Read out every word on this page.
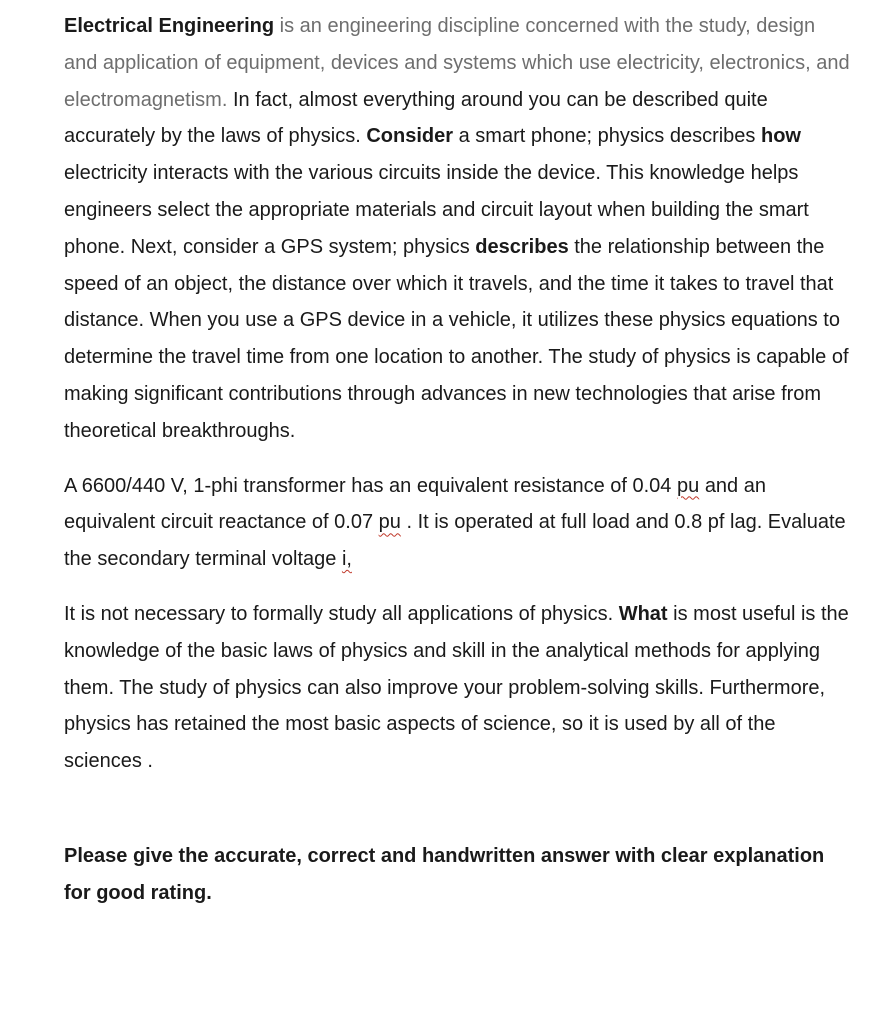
Electrical Engineering is an engineering discipline concerned with the study, design and application of equipment, devices and systems which use electricity, electronics, and electromagnetism. In fact, almost everything around you can be described quite accurately by the laws of physics. Consider a smart phone; physics describes how electricity interacts with the various circuits inside the device. This knowledge helps engineers select the appropriate materials and circuit layout when building the smart phone. Next, consider a GPS system; physics describes the relationship between the speed of an object, the distance over which it travels, and the time it takes to travel that distance. When you use a GPS device in a vehicle, it utilizes these physics equations to determine the travel time from one location to another. The study of physics is capable of making significant contributions through advances in new technologies that arise from theoretical breakthroughs.

A 6600/440 V, 1-phi transformer has an equivalent resistance of 0.04 pu and an equivalent circuit reactance of 0.07 pu . It is operated at full load and 0.8 pf lag. Evaluate the secondary terminal voltage i,

It is not necessary to formally study all applications of physics. What is most useful is the knowledge of the basic laws of physics and skill in the analytical methods for applying them. The study of physics can also improve your problem-solving skills. Furthermore, physics has retained the most basic aspects of science, so it is used by all of the sciences .

Please give the accurate, correct and handwritten answer with clear explanation for good rating.
